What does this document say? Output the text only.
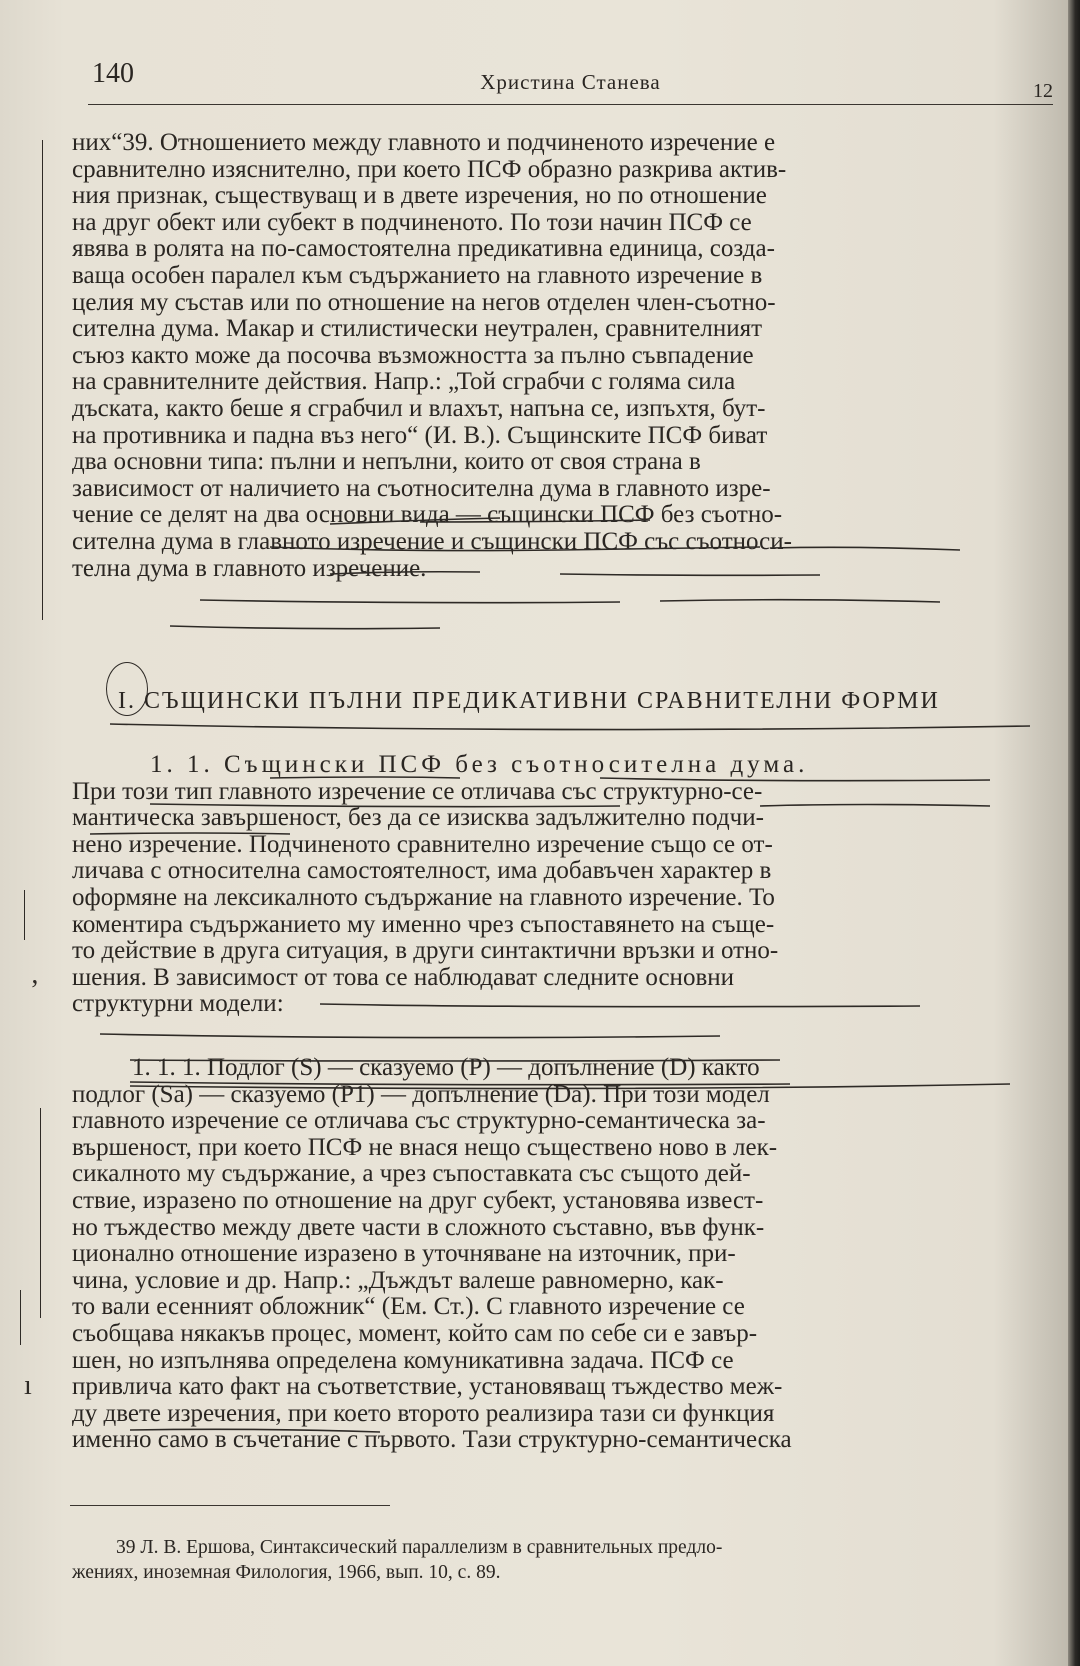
140	Христина Станева	12
них“39. Отношението между главното и подчиненото изречение е
сравнително изяснително, при което ПСФ образно разкрива актив-
ния признак, съществуващ и в двете изречения, но по отношение
на друг обект или субект в подчиненото. По този начин ПСФ се
явява в ролята на по-самостоятелна предикативна единица, созда-
ваща особен паралел към съдържанието на главното изречение в
целия му състав или по отношение на негов отделен член-съотно-
сителна дума. Макар и стилистически неутрален, сравнителният
съюз както може да посочва възможността за пълно съвпадение
на сравнителните действия. Напр.: „Той сграбчи с голяма сила
дъската, както беше я сграбчил и влахът, напъна се, изпъхтя, бут-
на противника и падна въз него“ (И. В.). Същинските ПСФ биват
два основни типа: пълни и непълни, които от своя страна в
зависимост от наличието на съотносителна дума в главното изре-
чение се делят на два основни вида — същински ПСФ без съотно-
сителна дума в главното изречение и същински ПСФ със съотноси-
телна дума в главното изречение.
І. СЪЩИНСКИ ПЪЛНИ ПРЕДИКАТИВНИ СРАВНИТЕЛНИ ФОРМИ
1. 1. Същински ПСФ без съотносителна дума.
При този тип главното изречение се отличава със структурно-се-
мантическа завършеност, без да се изисква задължително подчи-
нено изречение. Подчиненото сравнително изречение също се от-
личава с относителна самостоятелност, има добавъчен характер в
оформяне на лексикалното съдържание на главното изречение. То
коментира съдържанието му именно чрез съпоставянето на съще-
то действие в друга ситуация, в други синтактични връзки и отно-
шения. В зависимост от това се наблюдават следните основни
структурни модели:
1. 1. 1. Подлог (S) — сказуемо (P) — допълнение (D) както
подлог (Sa) — сказуемо (P1) — допълнение (Da). При този модел
главното изречение се отличава със структурно-семантическа за-
вършеност, при което ПСФ не внася нещо съществено ново в лек-
сикалното му съдържание, а чрез съпоставката със същото дей-
ствие, изразено по отношение на друг субект, установява извест-
но тъждество между двете части в сложното съставно, във функ-
ционално отношение изразено в уточняване на източник, при-
чина, условие и др. Напр.: „Дъждът валеше равномерно, как-
то вали есенният обложник“ (Ем. Ст.). С главното изречение се
съобщава някакъв процес, момент, който сам по себе си е завър-
шен, но изпълнява определена комуникативна задача. ПСФ се
привлича като факт на съответствие, установяващ тъждество меж-
ду двете изречения, при което второто реализира тази си функция
именно само в съчетание с първото. Тази структурно-семантическа
39 Л. В. Ершова, Синтаксический параллелизм в сравнительных предло-
жениях, иноземная Филология, 1966, вып. 10, с. 89.
ʼ
ı
